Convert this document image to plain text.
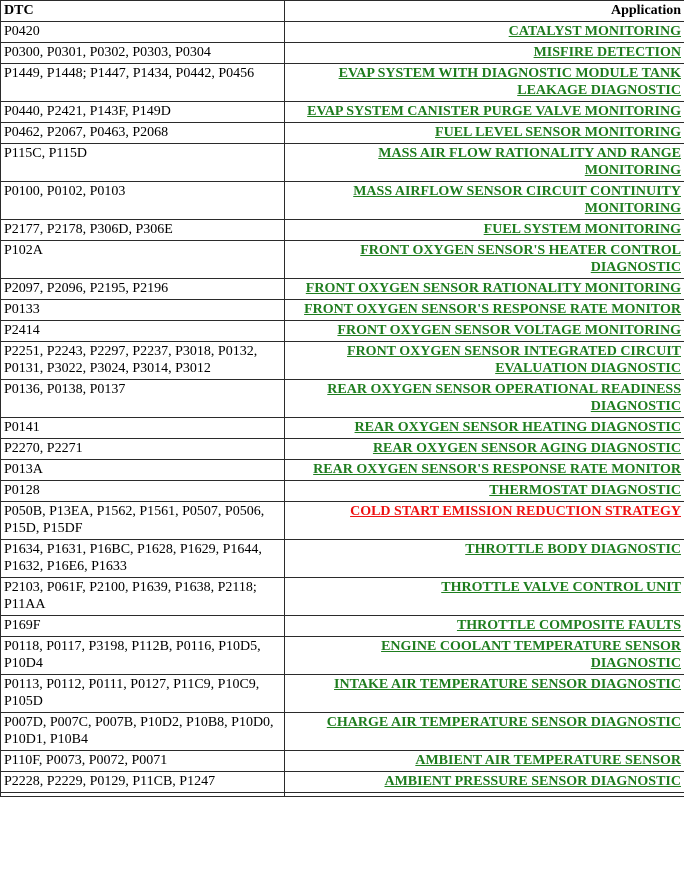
DTC	Application
P0420	CATALYST MONITORING
P0300, P0301, P0302, P0303, P0304	MISFIRE DETECTION
P1449, P1448; P1447, P1434, P0442, P0456	EVAP SYSTEM WITH DIAGNOSTIC MODULE TANK LEAKAGE DIAGNOSTIC
P0440, P2421, P143F, P149D	EVAP SYSTEM CANISTER PURGE VALVE MONITORING
P0462, P2067, P0463, P2068	FUEL LEVEL SENSOR MONITORING
P115C, P115D	MASS AIR FLOW RATIONALITY AND RANGE MONITORING
P0100, P0102, P0103	MASS AIRFLOW SENSOR CIRCUIT CONTINUITY MONITORING
P2177, P2178, P306D, P306E	FUEL SYSTEM MONITORING
P102A	FRONT OXYGEN SENSOR'S HEATER CONTROL DIAGNOSTIC
P2097, P2096, P2195, P2196	FRONT OXYGEN SENSOR RATIONALITY MONITORING
P0133	FRONT OXYGEN SENSOR'S RESPONSE RATE MONITOR
P2414	FRONT OXYGEN SENSOR VOLTAGE MONITORING
P2251, P2243, P2297, P2237, P3018, P0132, P0131, P3022, P3024, P3014, P3012	FRONT OXYGEN SENSOR INTEGRATED CIRCUIT EVALUATION DIAGNOSTIC
P0136, P0138, P0137	REAR OXYGEN SENSOR OPERATIONAL READINESS DIAGNOSTIC
P0141	REAR OXYGEN SENSOR HEATING DIAGNOSTIC
P2270, P2271	REAR OXYGEN SENSOR AGING DIAGNOSTIC
P013A	REAR OXYGEN SENSOR'S RESPONSE RATE MONITOR
P0128	THERMOSTAT DIAGNOSTIC
P050B, P13EA, P1562, P1561, P0507, P0506, P15D, P15DF	COLD START EMISSION REDUCTION STRATEGY
P1634, P1631, P16BC, P1628, P1629, P1644, P1632, P16E6, P1633	THROTTLE BODY DIAGNOSTIC
P2103, P061F, P2100, P1639, P1638, P2118; P11AA	THROTTLE VALVE CONTROL UNIT
P169F	THROTTLE COMPOSITE FAULTS
P0118, P0117, P3198, P112B, P0116, P10D5, P10D4	ENGINE COOLANT TEMPERATURE SENSOR DIAGNOSTIC
P0113, P0112, P0111, P0127, P11C9, P10C9, P105D	INTAKE AIR TEMPERATURE SENSOR DIAGNOSTIC
P007D, P007C, P007B, P10D2, P10B8, P10D0, P10D1, P10B4	CHARGE AIR TEMPERATURE SENSOR DIAGNOSTIC
P110F, P0073, P0072, P0071	AMBIENT AIR TEMPERATURE SENSOR
P2228, P2229, P0129, P11CB, P1247	AMBIENT PRESSURE SENSOR DIAGNOSTIC
